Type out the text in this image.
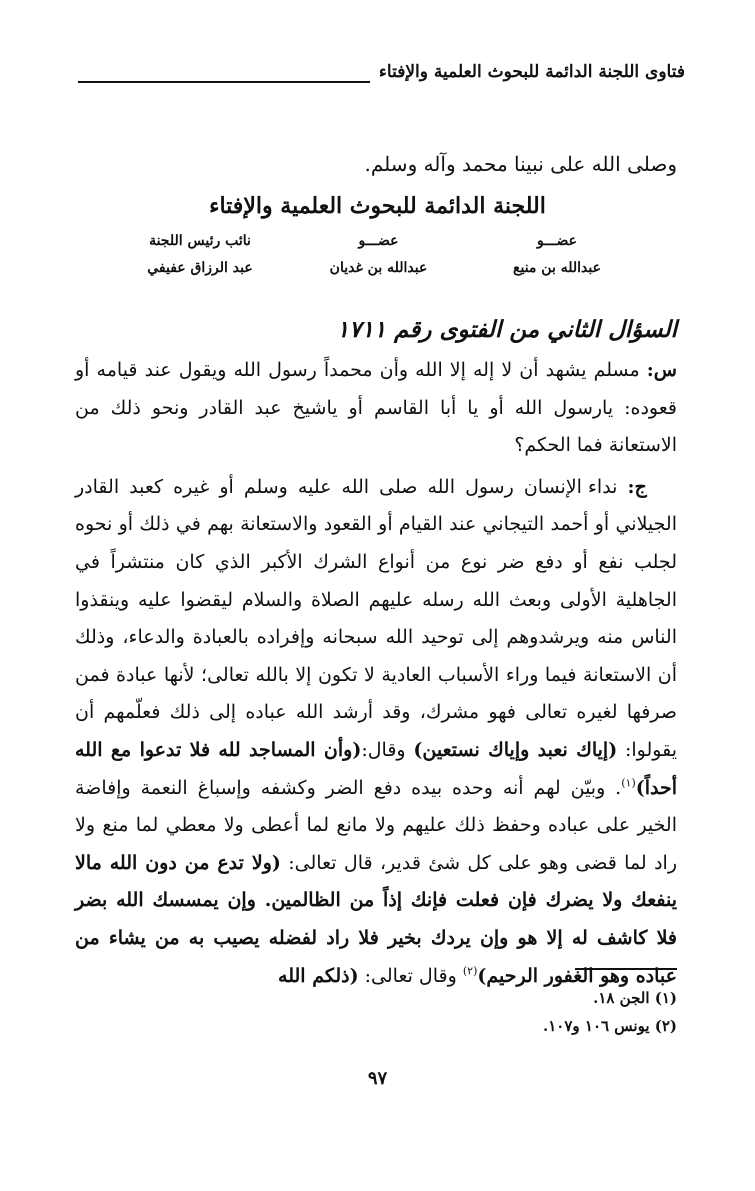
فتاوى اللجنة الدائمة للبحوث العلمية والإفتاء
وصلى الله على نبينا محمد وآله وسلم.
اللجنة الدائمة للبحوث العلمية والإفتاء
عضـــو
عبدالله بن منيع
عضـــو
عبدالله بن غديان
نائب رئيس اللجنة
عبد الرزاق عفيفي
السؤال الثاني من الفتوى رقم ١٧١١

س: مسلم يشهد أن لا إله إلا الله وأن محمداً رسول الله ويقول عند قيامه أو قعوده: يارسول الله أو يا أبا القاسم أو ياشيخ عبد القادر ونحو ذلك من الاستعانة فما الحكم؟

ج: نداء الإنسان رسول الله صلى الله عليه وسلم أو غيره كعبد القادر الجيلاني أو أحمد التيجاني عند القيام أو القعود والاستعانة بهم في ذلك أو نحوه لجلب نفع أو دفع ضر نوع من أنواع الشرك الأكبر الذي كان منتشراً في الجاهلية الأولى وبعث الله رسله عليهم الصلاة والسلام ليقضوا عليه وينقذوا الناس منه ويرشدوهم إلى توحيد الله سبحانه وإفراده بالعبادة والدعاء، وذلك أن الاستعانة فيما وراء الأسباب العادية لا تكون إلا بالله تعالى؛ لأنها عبادة فمن صرفها لغيره تعالى فهو مشرك، وقد أرشد الله عباده إلى ذلك فعلّمهم أن يقولوا: (إياك نعبد وإياك نستعين) وقال:(وأن المساجد لله فلا تدعوا مع الله أحداً)$^{(١)}$. وبيّن لهم أنه وحده بيده دفع الضر وكشفه وإسباغ النعمة وإفاضة الخير على عباده وحفظ ذلك عليهم ولا مانع لما أعطى ولا معطي لما منع ولا راد لما قضى وهو على كل شئ قدير، قال تعالى: (ولا تدع من دون الله مالا ينفعك ولا يضرك فإن فعلت فإنك إذاً من الظالمين. وإن يمسسك الله بضر فلا كاشف له إلا هو وإن يردك بخير فلا راد لفضله يصيب به من يشاء من عباده وهو الغفور الرحيم)$^{(٢)}$ وقال تعالى: (ذلكم الله

(١) الجن ١٨.
(٢) يونس ١٠٦ و١٠٧.
٩٧
